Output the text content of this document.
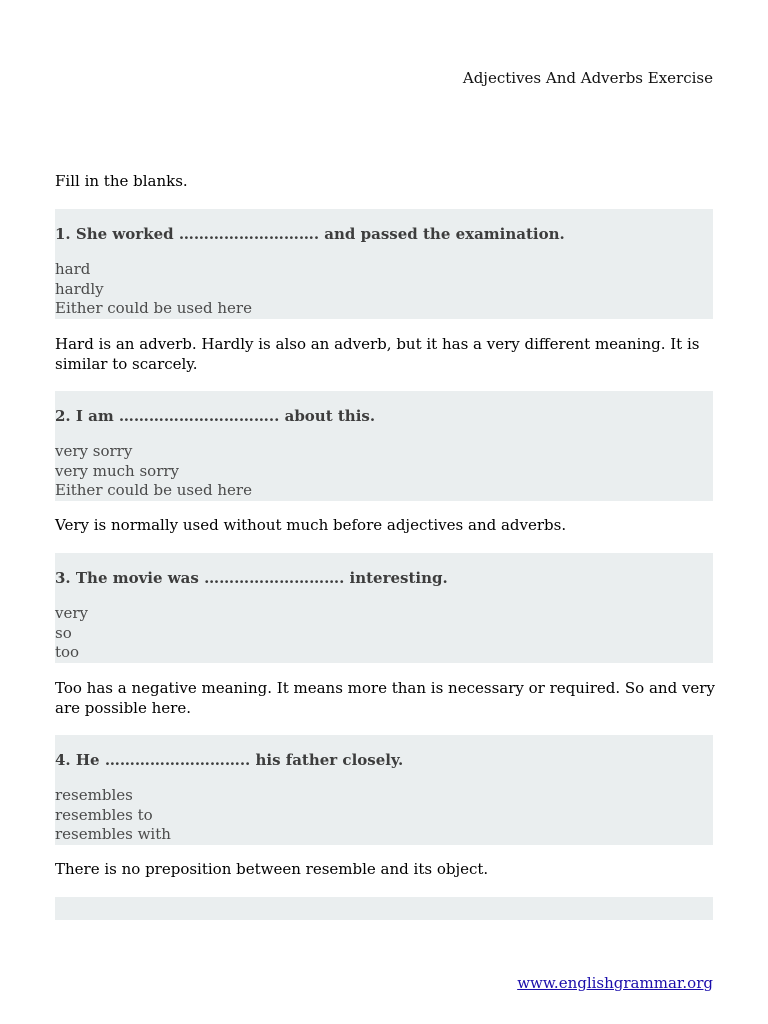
Adjectives And Adverbs Exercise
Fill in the blanks.
1. She worked ………………………. and passed the examination.
hard
hardly
Either could be used here
Hard is an adverb. Hardly is also an adverb, but it has a very different meaning. It is similar to scarcely.
2. I am ………………………….. about this.
very sorry
very much sorry
Either could be used here
Very is normally used without much before adjectives and adverbs.
3. The movie was ………………………. interesting.
very
so
too
Too has a negative meaning. It means more than is necessary or required. So and very are possible here.
4. He ……………………….. his father closely.
resembles
resembles to
resembles with
There is no preposition between resemble and its object.
www.englishgrammar.org
